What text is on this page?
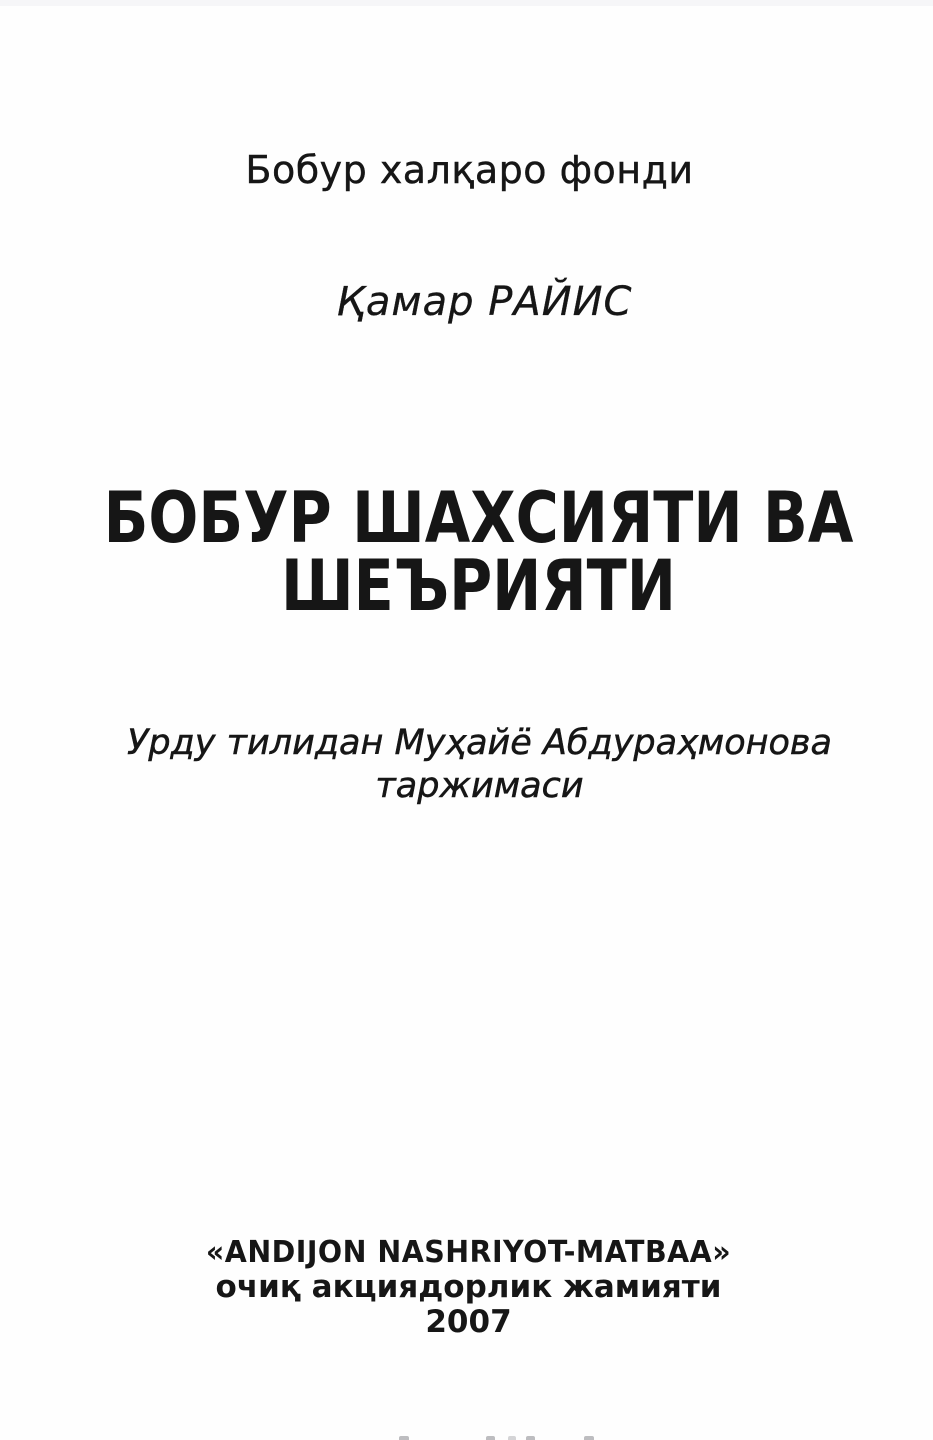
Бобур халқаро фонди
Қамар РАЙИС
БОБУР ШАХСИЯТИ ВА
ШЕЪРИЯТИ
Урду тилидан Муҳайё Абдураҳмонова
таржимаси
«ANDIJON NASHRIYOT-MATBAA»
очиқ акциядорлик жамияти
2007
